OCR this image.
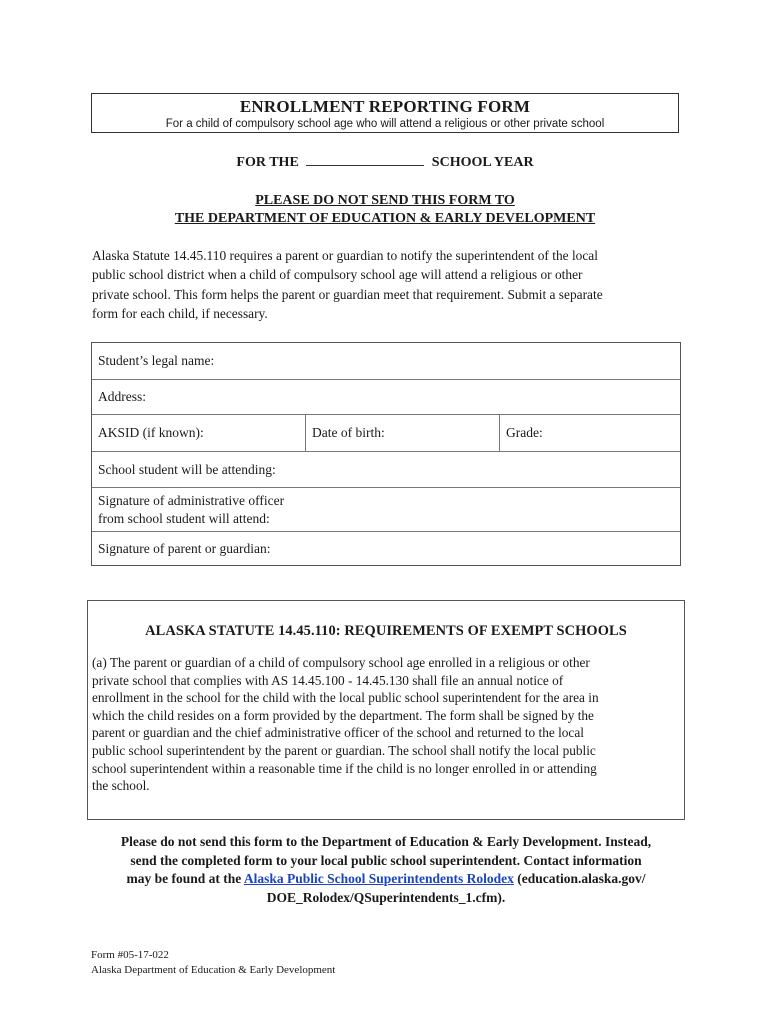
ENROLLMENT REPORTING FORM
For a child of compulsory school age who will attend a religious or other private school
FOR THE	SCHOOL YEAR
PLEASE DO NOT SEND THIS FORM TO
THE DEPARTMENT OF EDUCATION & EARLY DEVELOPMENT
Alaska Statute 14.45.110 requires a parent or guardian to notify the superintendent of the local
public school district when a child of compulsory school age will attend a religious or other
private school. This form helps the parent or guardian meet that requirement. Submit a separate
form for each child, if necessary.
Student’s legal name:
Address:
AKSID (if known):	Date of birth:	Grade:
School student will be attending:
Signature of administrative officer
from school student will attend:
Signature of parent or guardian:
ALASKA STATUTE 14.45.110: REQUIREMENTS OF EXEMPT SCHOOLS
(a) The parent or guardian of a child of compulsory school age enrolled in a religious or other
private school that complies with AS 14.45.100 - 14.45.130 shall file an annual notice of
enrollment in the school for the child with the local public school superintendent for the area in
which the child resides on a form provided by the department. The form shall be signed by the
parent or guardian and the chief administrative officer of the school and returned to the local
public school superintendent by the parent or guardian. The school shall notify the local public
school superintendent within a reasonable time if the child is no longer enrolled in or attending
the school.
Please do not send this form to the Department of Education & Early Development. Instead,
send the completed form to your local public school superintendent. Contact information
may be found at the Alaska Public School Superintendents Rolodex (education.alaska.gov/
DOE_Rolodex/QSuperintendents_1.cfm).
Form #05-17-022
Alaska Department of Education & Early Development
